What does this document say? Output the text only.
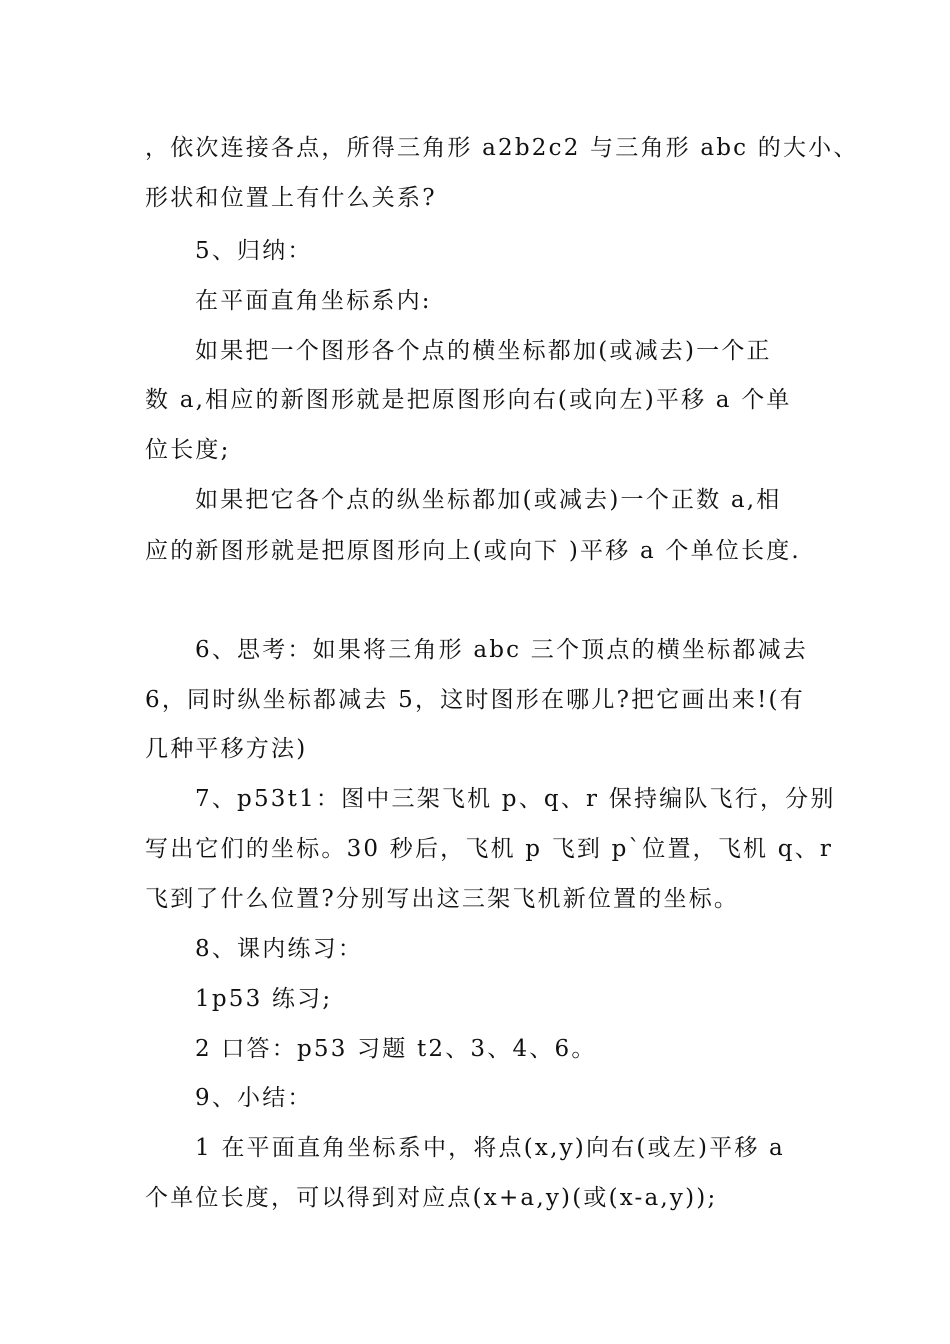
，依次连接各点，所得三角形 a2b2c2 与三角形 abc 的大小、
形状和位置上有什么关系?
5、归纳：
在平面直角坐标系内:
如果把一个图形各个点的横坐标都加(或减去)一个正
数 a,相应的新图形就是把原图形向右(或向左)平移 a 个单
位长度;
如果把它各个点的纵坐标都加(或减去)一个正数 a,相
应的新图形就是把原图形向上(或向下 )平移 a 个单位长度.
6、思考：如果将三角形 abc 三个顶点的横坐标都减去
6，同时纵坐标都减去 5，这时图形在哪儿?把它画出来!(有
几种平移方法)
7、p53t1：图中三架飞机 p、q、r 保持编队飞行，分别
写出它们的坐标。30 秒后，飞机 p 飞到 p`位置，飞机 q、r
飞到了什么位置?分别写出这三架飞机新位置的坐标。
8、课内练习：
1p53 练习;
2 口答：p53 习题 t2、3、4、6。
9、小结：
1 在平面直角坐标系中，将点(x,y)向右(或左)平移 a
个单位长度，可以得到对应点(x+a,y)(或(x-a,y));
